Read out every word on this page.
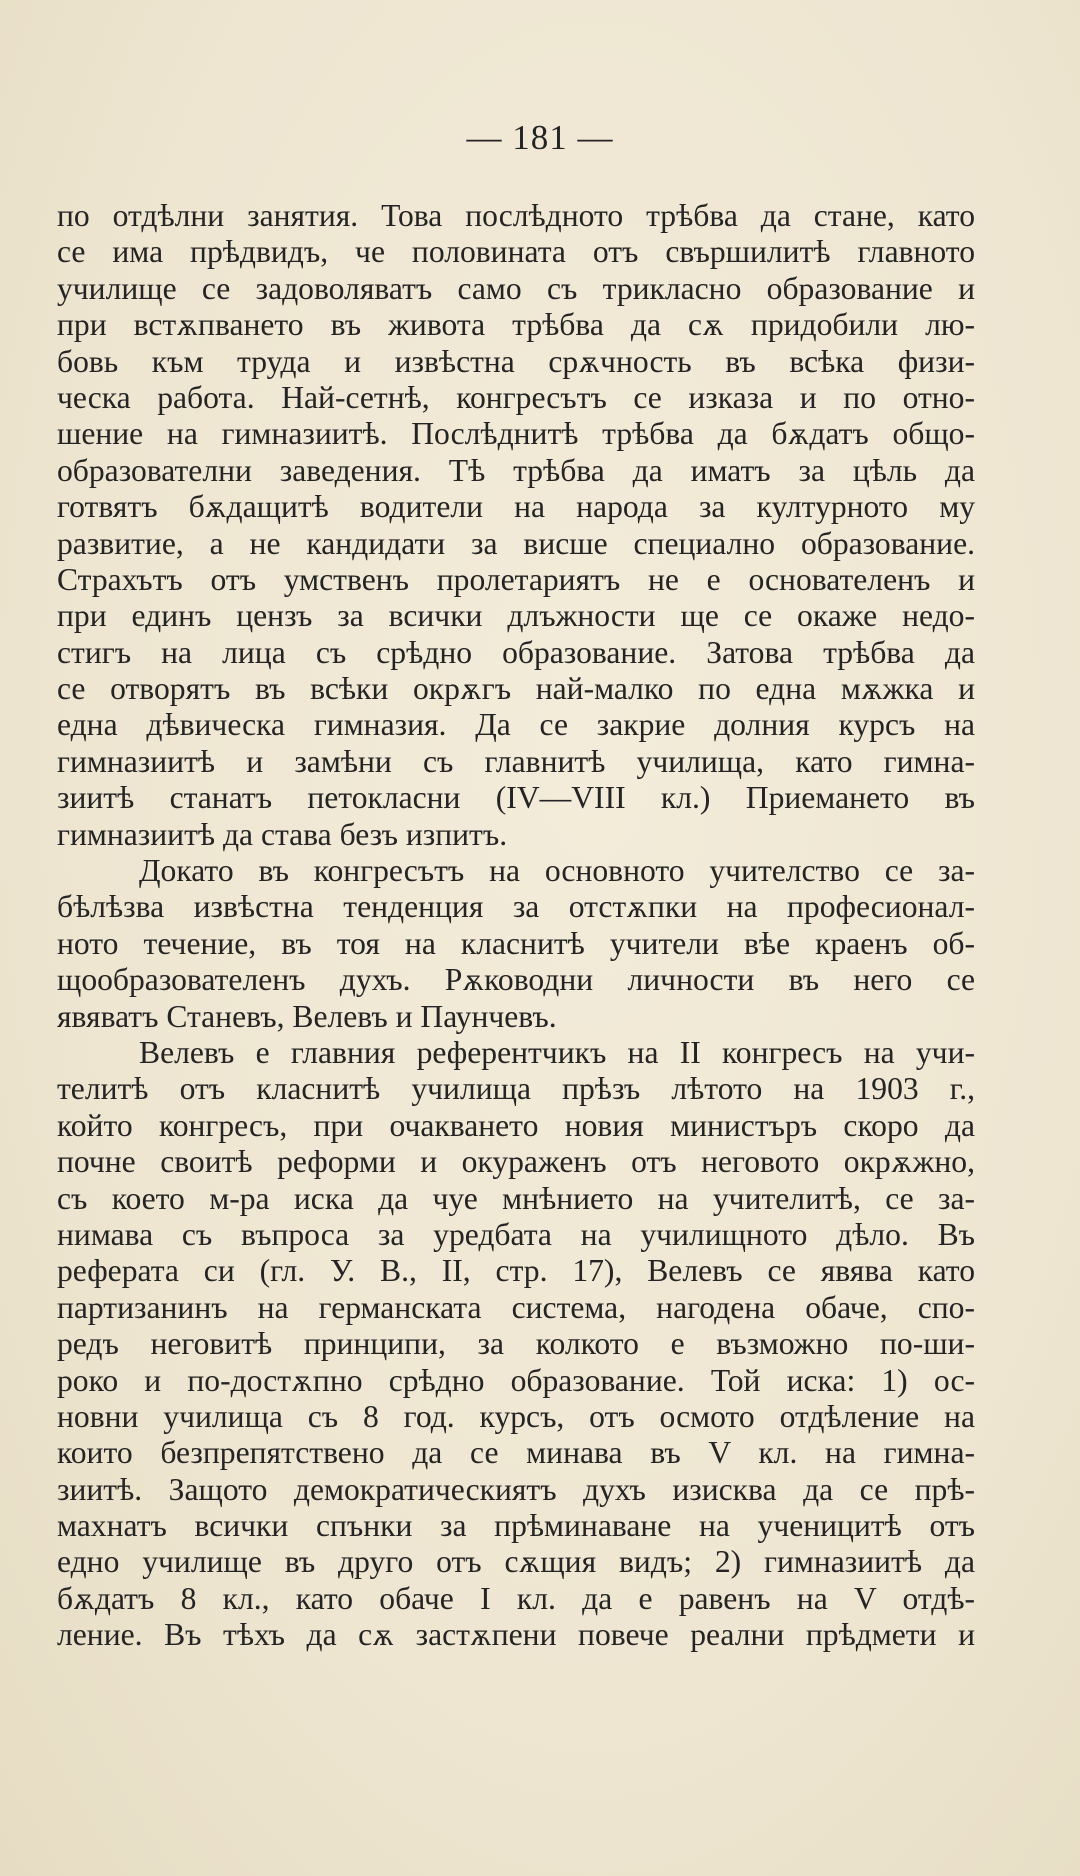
— 181 —
по отдѣлни занятия. Това послѣдното трѣбва да стане, като
се има прѣдвидъ, че половината отъ свършилитѣ главното
училище се задоволяватъ само съ трикласно образование и
при встѫпването въ живота трѣбва да сѫ придобили лю-
бовь към труда и извѣстна срѫчность въ всѣка физи-
ческа работа. Най-сетнѣ, конгресътъ се изказа и по отно-
шение на гимназиитѣ. Послѣднитѣ трѣбва да бѫдатъ общо-
образователни заведения. Тѣ трѣбва да иматъ за цѣль да
готвятъ бѫдащитѣ водители на народа за културното му
развитие, а не кандидати за висше специално образование.
Страхътъ отъ умственъ пролетариятъ не е основателенъ и
при единъ цензъ за всички длъжности ще се окаже недо-
стигъ на лица съ срѣдно образование. Затова трѣбва да
се отворятъ въ всѣки окрѫгъ най-малко по една мѫжка и
една дѣвическа гимназия. Да се закрие долния курсъ на
гимназиитѣ и замѣни съ главнитѣ училища, като гимна-
зиитѣ станатъ петокласни (IV—VIII кл.) Приемането въ
гимназиитѣ да става безъ изпитъ.
Докато въ конгресътъ на основното учителство се за-
бѣлѣзва извѣстна тенденция за отстѫпки на професионал-
ното течение, въ тоя на класнитѣ учители вѣе краенъ об-
щообразователенъ духъ. Рѫководни личности въ него се
явяватъ Станевъ, Велевъ и Паунчевъ.
Велевъ е главния референтчикъ на II конгресъ на учи-
телитѣ отъ класнитѣ училища прѣзъ лѣтото на 1903 г.,
който конгресъ, при очакването новия министъръ скоро да
почне своитѣ реформи и окураженъ отъ неговото окрѫжно,
съ което м-ра иска да чуе мнѣнието на учителитѣ, се за-
нимава съ въпроса за уредбата на училищното дѣло. Въ
реферата си (гл. У. В., II, стр. 17), Велевъ се явява като
партизанинъ на германската система, нагодена обаче, спо-
редъ неговитѣ принципи, за колкото е възможно по-ши-
роко и по-достѫпно срѣдно образование. Той иска: 1) ос-
новни училища съ 8 год. курсъ, отъ осмото отдѣление на
които безпрепятствено да се минава въ V кл. на гимна-
зиитѣ. Защото демократическиятъ духъ изисква да се прѣ-
махнатъ всички спънки за прѣминаване на ученицитѣ отъ
едно училище въ друго отъ сѫщия видъ; 2) гимназиитѣ да
бѫдатъ 8 кл., като обаче I кл. да е равенъ на V отдѣ-
ление. Въ тѣхъ да сѫ застѫпени повече реални прѣдмети и
